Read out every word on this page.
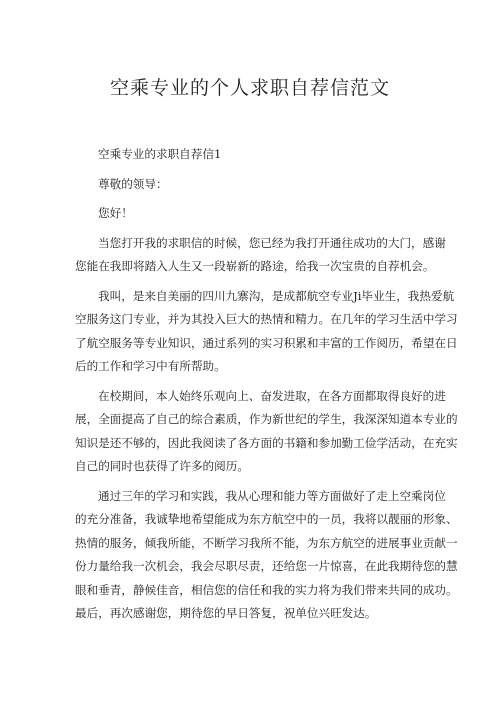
空乘专业的个人求职自荐信范文
空乘专业的求职自荐信1
尊敬的领导：
您好！
当您打开我的求职信的时候，您已经为我打开通往成功的大门，感谢
您能在我即将踏入人生又一段崭新的路途，给我一次宝贵的自荐机会。
我叫，是来自美丽的四川九寨沟，是成都航空专业Ji毕业生，我热爱航
空服务这门专业，并为其投入巨大的热情和精力。在几年的学习生活中学习
了航空服务等专业知识，通过系列的实习积累和丰富的工作阅历，希望在日
后的工作和学习中有所帮助。
在校期间，本人始终乐观向上、奋发进取，在各方面都取得良好的进
展，全面提高了自己的综合素质，作为新世纪的学生，我深深知道本专业的
知识是还不够的，因此我阅读了各方面的书籍和参加勤工俭学活动，在充实
自己的同时也获得了许多的阅历。
通过三年的学习和实践，我从心理和能力等方面做好了走上空乘岗位
的充分准备，我诚挚地希望能成为东方航空中的一员，我将以靓丽的形象、
热情的服务，倾我所能，不断学习我所不能，为东方航空的进展事业贡献一
份力量给我一次机会，我会尽职尽责，还给您一片惊喜，在此我期待您的慧
眼和垂青，静候佳音，相信您的信任和我的实力将为我们带来共同的成功。
最后，再次感谢您，期待您的早日答复，祝单位兴旺发达。
